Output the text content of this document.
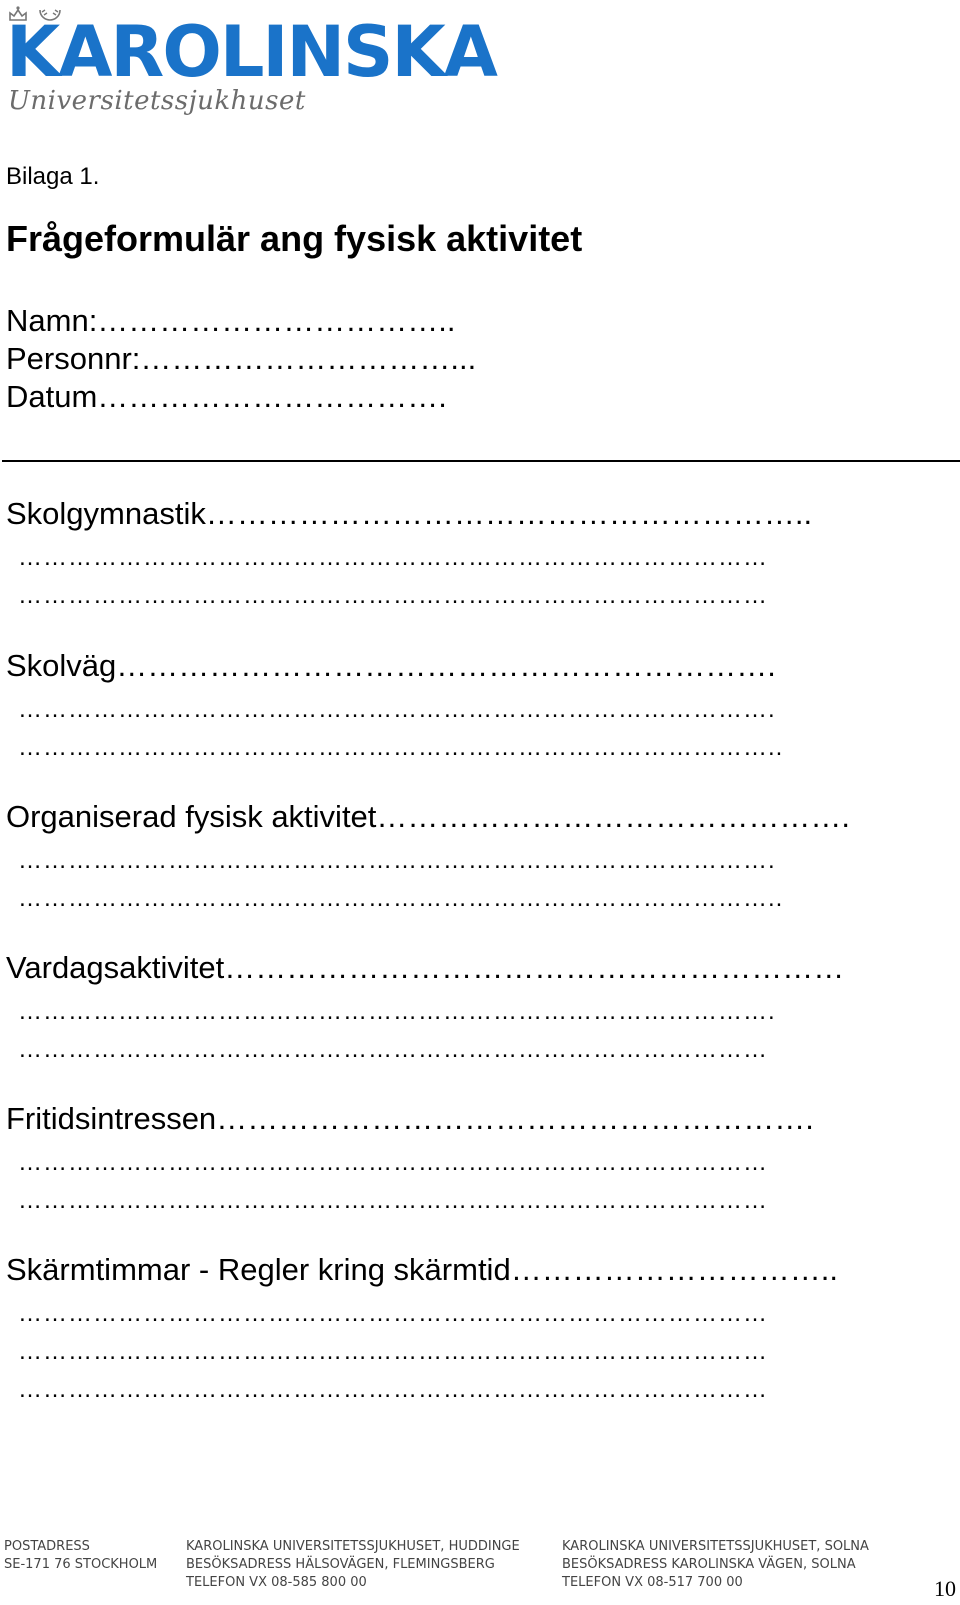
KAROLINSKA
Universitetssjukhuset
Bilaga 1.
Frågeformulär ang fysisk aktivitet
Namn:……………………………..
Personnr:…………………………...
Datum…………………………….
Skolgymnastik…………………………………………………..
………………………………………………………………………………
………………………………………………………………………………
Skolväg……………………………………………………….
……………………………………………………………………………….
………………………………………………………………………………..
Organiserad fysisk aktivitet……………………………………….
……………………………………………………………………………….
………………………………………………………………………………..
Vardagsaktivitet……………………………………………………
……………………………………………………………………………….
………………………………………………………………………………
Fritidsintressen………………………………………………….
………………………………………………………………………………
………………………………………………………………………………
Skärmtimmar - Regler kring skärmtid…………………………..
………………………………………………………………………………
………………………………………………………………………………
………………………………………………………………………………
POSTADRESS
SE-171 76 STOCKHOLM
KAROLINSKA UNIVERSITETSSJUKHUSET, HUDDINGE
BESÖKSADRESS HÄLSOVÄGEN, FLEMINGSBERG
TELEFON VX 08-585 800 00
KAROLINSKA UNIVERSITETSSJUKHUSET, SOLNA
BESÖKSADRESS KAROLINSKA VÄGEN, SOLNA
TELEFON VX 08-517 700 00	10
